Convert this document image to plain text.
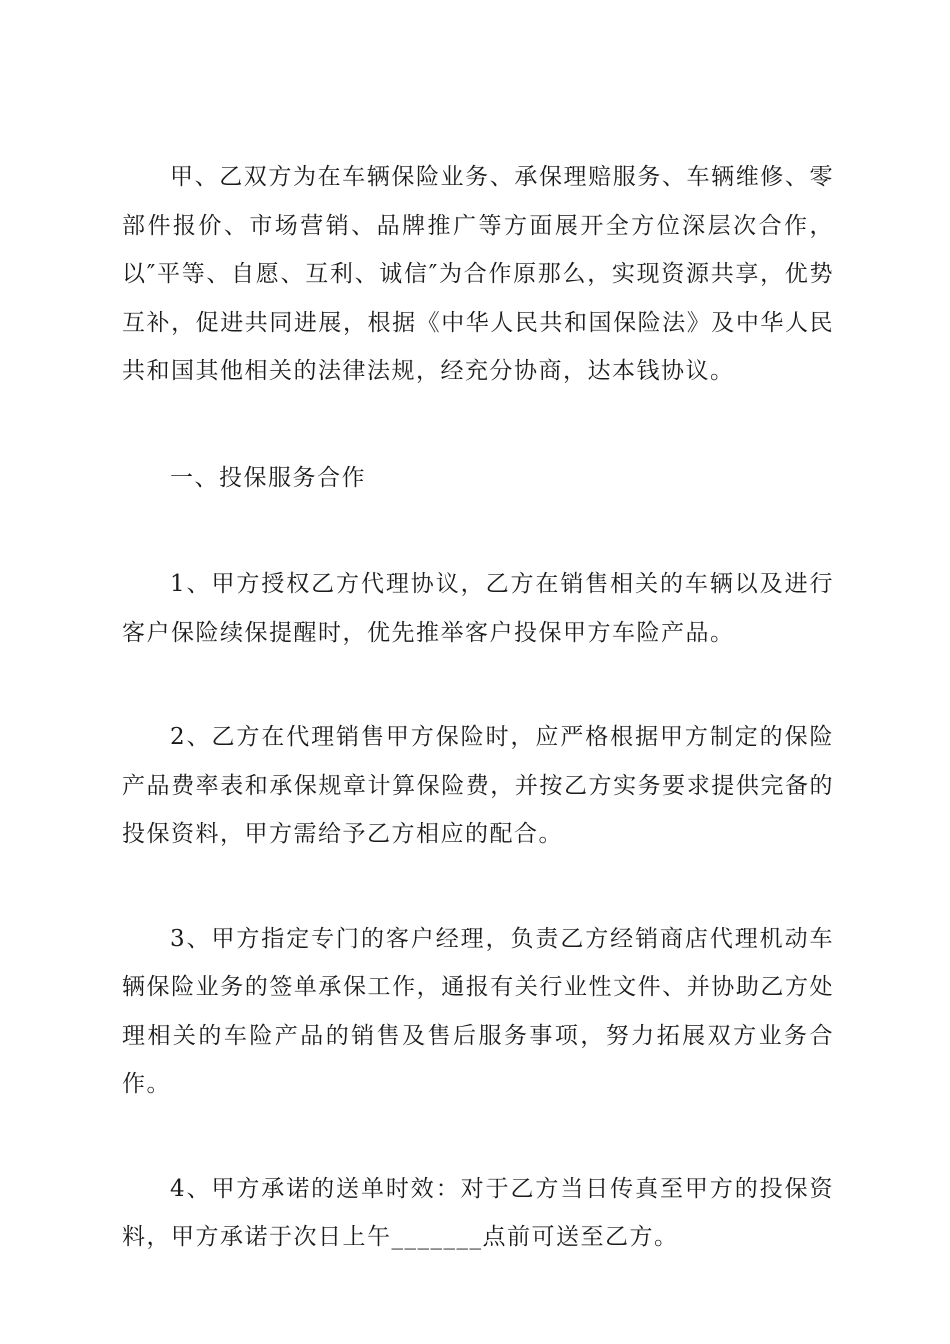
甲、乙双方为在车辆保险业务、承保理赔服务、车辆维修、零部件报价、市场营销、品牌推广等方面展开全方位深层次合作，以″平等、自愿、互利、诚信″为合作原那么，实现资源共享，优势互补，促进共同进展，根据《中华人民共和国保险法》及中华人民共和国其他相关的法律法规，经充分协商，达本钱协议。

一、投保服务合作

1、甲方授权乙方代理协议，乙方在销售相关的车辆以及进行客户保险续保提醒时，优先推举客户投保甲方车险产品。

2、乙方在代理销售甲方保险时，应严格根据甲方制定的保险产品费率表和承保规章计算保险费，并按乙方实务要求提供完备的投保资料，甲方需给予乙方相应的配合。

3、甲方指定专门的客户经理，负责乙方经销商店代理机动车辆保险业务的签单承保工作，通报有关行业性文件、并协助乙方处理相关的车险产品的销售及售后服务事项，努力拓展双方业务合作。

4、甲方承诺的送单时效：对于乙方当日传真至甲方的投保资料，甲方承诺于次日上午_______点前可送至乙方。
